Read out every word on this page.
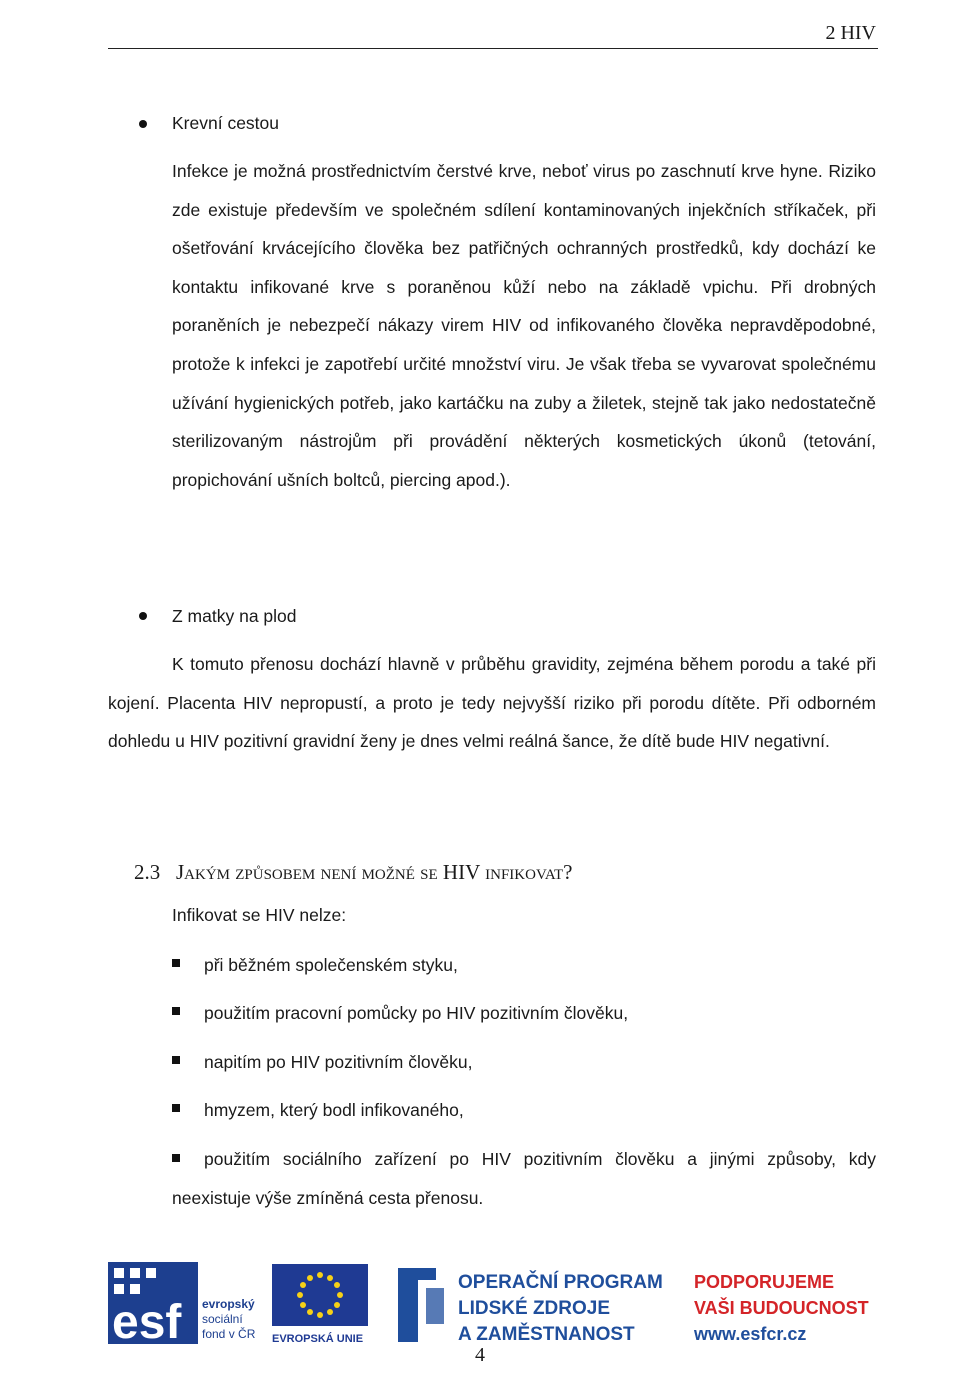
2 HIV
Krevní cestou
Infekce je možná prostřednictvím čerstvé krve, neboť virus po zaschnutí krve hyne. Riziko zde existuje především ve společném sdílení kontaminovaných injekčních stříkaček, při ošetřování krvácejícího člověka bez patřičných ochranných prostředků, kdy dochází ke kontaktu infikované krve s poraněnou kůží nebo na základě vpichu. Při drobných poraněních je nebezpečí nákazy virem HIV od infikovaného člověka nepravděpodobné, protože k infekci je zapotřebí určité množství viru. Je však třeba se vyvarovat společnému užívání hygienických potřeb, jako kartáčku na zuby a žiletek, stejně tak jako nedostatečně sterilizovaným nástrojům při provádění některých kosmetických úkonů (tetování, propichování ušních boltců, piercing apod.).
Z matky na plod
K tomuto přenosu dochází hlavně v průběhu gravidity, zejména během porodu a také při kojení. Placenta HIV nepropustí, a proto je tedy nejvyšší riziko při porodu dítěte. Při odborném dohledu u HIV pozitivní gravidní ženy je dnes velmi reálná šance, že dítě bude HIV negativní.
2.3 Jakým způsobem není možné se HIV infikovat?
Infikovat se HIV nelze:
při běžném společenském styku,
použitím pracovní pomůcky po HIV pozitivním člověku,
napitím po HIV pozitivním člověku,
hmyzem, který bodl infikovaného,
použitím sociálního zařízení po HIV pozitivním člověku a jinými způsoby, kdy neexistuje výše zmíněná cesta přenosu.
esf evropský
sociální
fond v ČR EVROPSKÁ UNIE
OPERAČNÍ PROGRAM
LIDSKÉ ZDROJE
A ZAMĚSTNANOST
PODPORUJEME
VAŠI BUDOUCNOST
www.esfcr.cz
4
